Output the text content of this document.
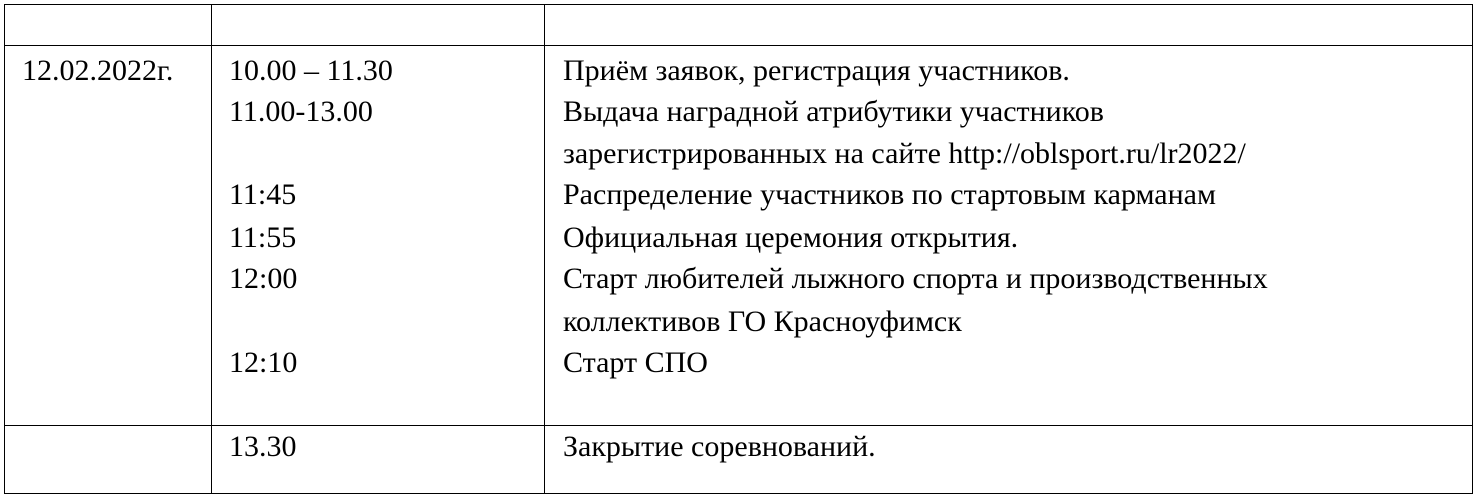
12.02.2022г. 10.00 – 11.30
11.00-13.00
11:45
11:55
12:00
12:10
Приём заявок, регистрация участников.
Выдача наградной атрибутики участников
зарегистрированных на сайте http://oblsport.ru/lr2022/
Распределение участников по стартовым карманам
Официальная церемония открытия.
Старт любителей лыжного спорта и производственных
коллективов ГО Красноуфимск
Старт СПО
13.30	Закрытие соревнований.
